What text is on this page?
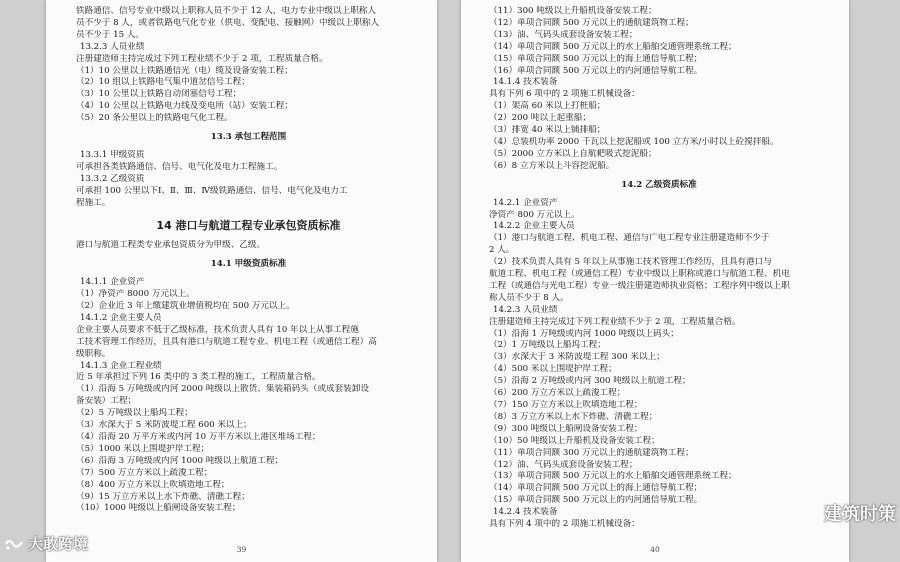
铁路通信、信号专业中级以上职称人员不少于 12 人，电力专业中级以上职称人
员不少于 8 人，或者铁路电气化专业（供电、变配电、接触网）中级以上职称人
员不少于 15 人。
13.2.3 人员业绩
注册建造师主持完成过下列工程业绩不少于 2 项，工程质量合格。
（1）10 公里以上铁路通信光（电）缆及设备安装工程；
（2）10 组以上铁路电气集中道岔信号工程；
（3）10 公里以上铁路自动闭塞信号工程；
（4）10 公里以上铁路电力线及变电所（站）安装工程；
（5）20 条公里以上的铁路电气化工程。
13.3 承包工程范围
13.3.1 甲级资质
可承担各类铁路通信、信号、电气化及电力工程施工。
13.3.2 乙级资质
可承担 100 公里以下Ⅰ、Ⅱ、Ⅲ、Ⅳ级铁路通信、信号、电气化及电力工
程施工。
14 港口与航道工程专业承包资质标准
港口与航道工程类专业承包资质分为甲级、乙级。
14.1 甲级资质标准
14.1.1 企业资产
（1）净资产 8000 万元以上。
（2）企业近 3 年上缴建筑业增值税均在 500 万元以上。
14.1.2 企业主要人员
企业主要人员要求不低于乙级标准，技术负责人具有 10 年以上从事工程施
工技术管理工作经历，且具有港口与航道工程专业、机电工程（或通信工程）高
级职称。
14.1.3 企业工程业绩
近 5 年承担过下列 16 类中的 3 类工程的施工，工程质量合格。
（1）沿海 5 万吨级或内河 2000 吨级以上散货、集装箱码头（或成套装卸设
备安装）工程；
（2）5 万吨级以上船坞工程；
（3）水深大于 5 米防波堤工程 600 米以上；
（4）沿海 20 万平方米或内河 10 万平方米以上港区堆场工程；
（5）1000 米以上围堤护岸工程；
（6）沿海 3 万吨级或内河 1000 吨级以上航道工程；
（7）500 万立方米以上疏浚工程；
（8）400 万立方米以上吹填造地工程；
（9）15 万立方米以上水下炸礁、清礁工程；
（10）1000 吨级以上船闸设备安装工程；
39
（11）300 吨级以上升船机设备安装工程；
（12）单项合同额 500 万元以上的通航建筑物工程；
（13）油、气码头成套设备安装工程；
（14）单项合同额 500 万元以上的水上船舶交通管理系统工程；
（15）单项合同额 500 万元以上的海上通信导航工程；
（16）单项合同额 500 万元以上的内河通信导航工程。
14.1.4 技术装备
具有下列 6 项中的 2 项施工机械设备：
（1）架高 60 米以上打桩船；
（2）200 吨以上起重船；
（3）排宽 40 米以上铺排船；
（4）总装机功率 2000 千瓦以上挖泥船或 100 立方米/小时以上砼搅拌船。
（5）2000 立方米以上自航耙吸式挖泥船；
（6）8 立方米以上斗容挖泥船。
14.2 乙级资质标准
14.2.1 企业资产
净资产 800 万元以上。
14.2.2 企业主要人员
（1）港口与航道工程、机电工程、通信与广电工程专业注册建造师不少于
2 人。
（2）技术负责人具有 5 年以上从事施工技术管理工作经历，且具有港口与
航道工程、机电工程（或通信工程）专业中级以上职称或港口与航道工程、机电
工程（或通信与光电工程）专业一级注册建造师执业资格；工程序列中级以上职
称人员不少于 8 人。
14.2.3 人员业绩
注册建造师主持完成过下列工程业绩不少于 2 项，工程质量合格。
（1）沿海 1 万吨级或内河 1000 吨级以上码头；
（2）1 万吨级以上船坞工程；
（3）水深大于 3 米防波堤工程 300 米以上；
（4）500 米以上围堤护岸工程；
（5）沿海 2 万吨级或内河 300 吨级以上航道工程；
（6）200 万立方米以上疏浚工程；
（7）150 万立方米以上吹填造地工程；
（8）3 万立方米以上水下炸礁、清礁工程；
（9）300 吨级以上船闸设备安装工程；
（10）50 吨级以上升船机及设备安装工程；
（11）单项合同额 300 万元以上的通航建筑物工程；
（12）油、气码头成套设备安装工程；
（13）单项合同额 500 万元以上的水上船舶交通管理系统工程；
（14）单项合同额 500 万元以上的海上通信导航工程；
（15）单项合同额 500 万元以上的内河通信导航工程。
14.2.4 技术装备
具有下列 4 项中的 2 项施工机械设备：
40
大敢跨境
建筑时策
